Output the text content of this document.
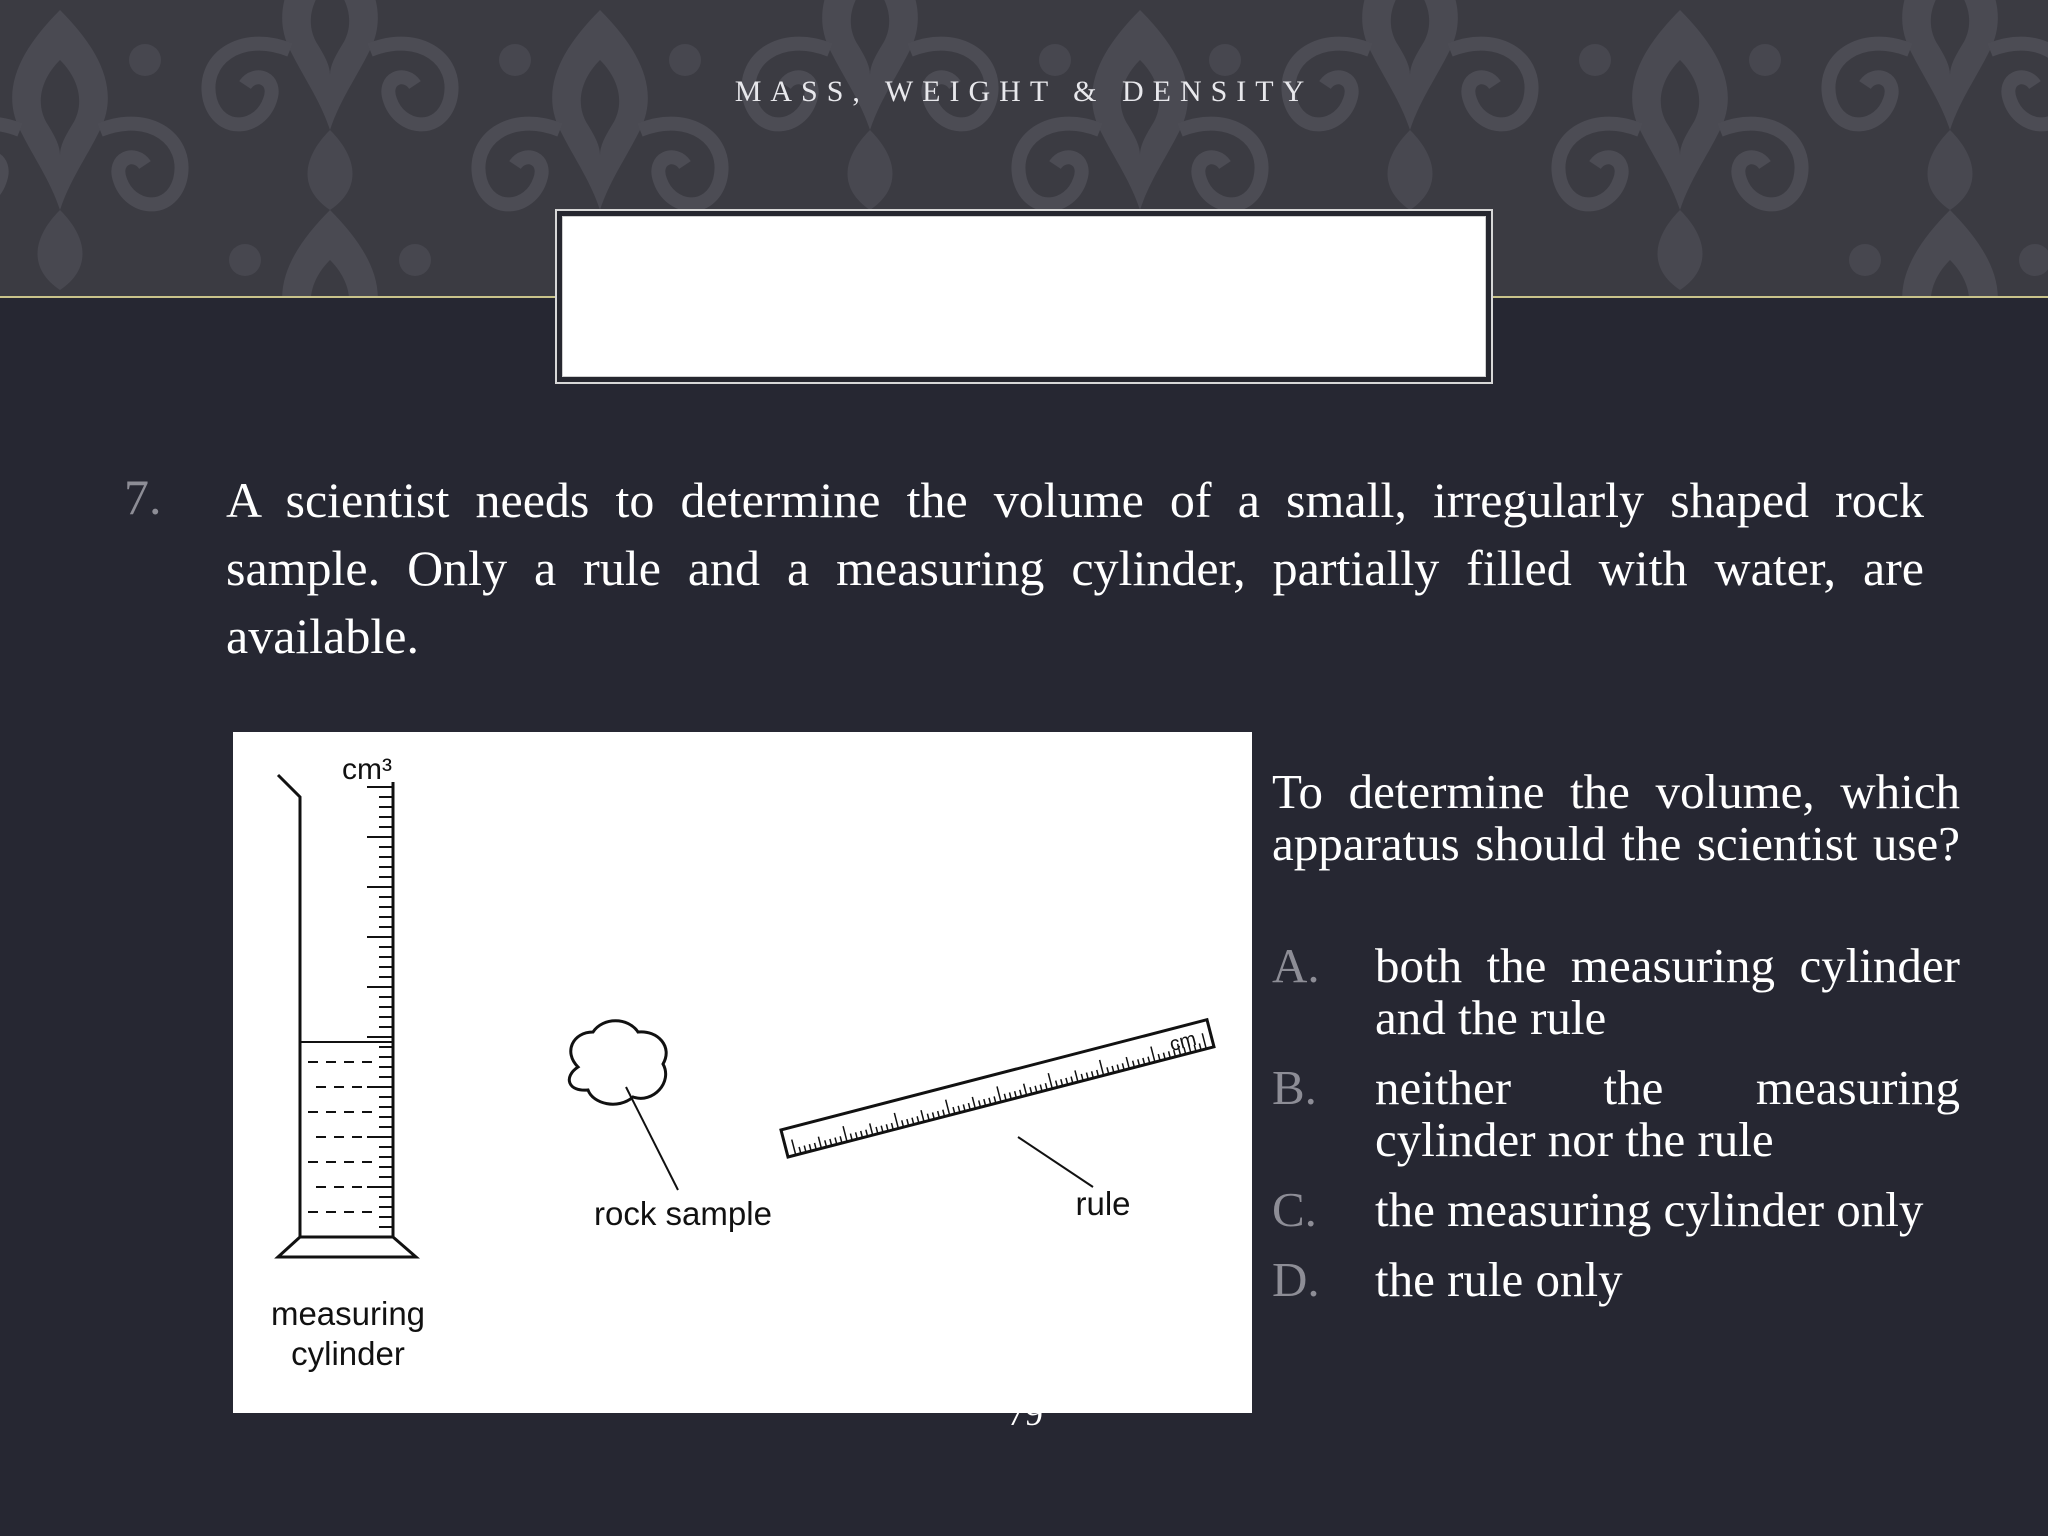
MASS, WEIGHT & DENSITY
7. A scientist needs to determine the volume of a small, irregularly shaped rock sample. Only a rule and a measuring cylinder, partially filled with water, are available.
cm³
cm
rock sample	rule
measuring cylinder
To determine the volume, which apparatus should the scientist use?
A. both the measuring cylinder and the rule
B. neither the measuring cylinder nor the rule
C. the measuring cylinder only
D. the rule only
79
